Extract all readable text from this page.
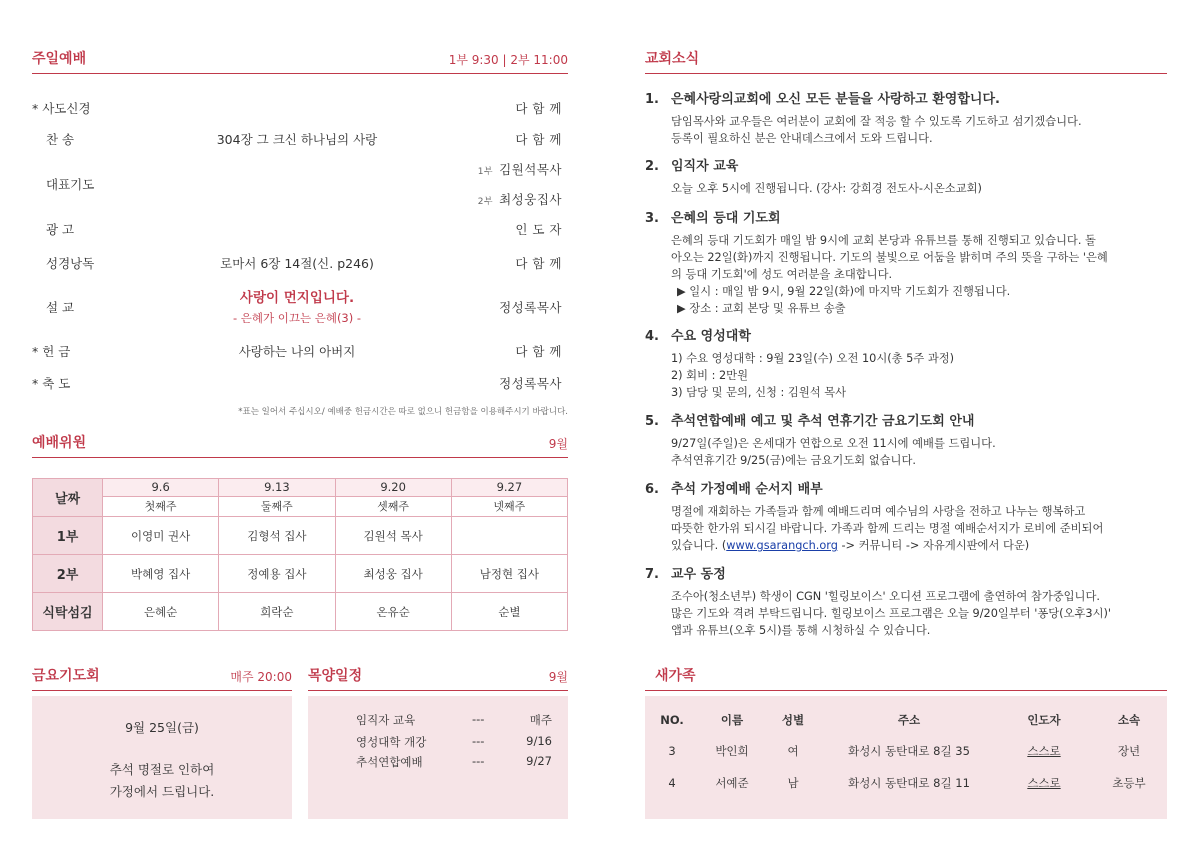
주일예배	1부 9:30 | 2부 11:00
* 사도신경	다 함 께
찬 송	304장 그 크신 하나님의 사랑	다 함 께
대표기도
1부 김원석목사
2부 최성웅집사
광 고	인 도 자
성경낭독	로마서 6장 14절(신. p246)	다 함 께
설 교	정성록목사
사랑이 먼지입니다.
- 은혜가 이끄는 은혜(3) -
* 헌 금	사랑하는 나의 아버지	다 함 께
* 축 도	정성록목사
*표는 일어서 주십시오/ 예배중 헌금시간은 따로 없으니 헌금함을 이용해주시기 바랍니다.
예배위원	9월
날짜	9.6	9.13	9.20	9.27
	첫째주	둘째주	셋째주	넷째주
1부	이영미 권사	김형석 집사	김원석 목사	
2부	박혜영 집사	정예용 집사	최성웅 집사	남정현 집사
식탁섬김	은혜순	희락순	온유순	순별
금요기도회	매주 20:00
9월 25일(금)
추석 명절로 인하여
가정에서 드립니다.
목양일정	9월
임직자 교육	---	매주
영성대학 개강	---	9/16
추석연합예배	---	9/27
교회소식
1. 은혜사랑의교회에 오신 모든 분들을 사랑하고 환영합니다.

담임목사와 교우들은 여러분이 교회에 잘 적응 할 수 있도록 기도하고 섬기겠습니다.

등록이 필요하신 분은 안내데스크에서 도와 드립니다.

2. 임직자 교육

오늘 오후 5시에 진행됩니다. (강사: 강희경 전도사-시온소교회)

3. 은혜의 등대 기도회

은혜의 등대 기도회가 매일 밤 9시에 교회 본당과 유튜브를 통해 진행되고 있습니다. 돌

아오는 22일(화)까지 진행됩니다. 기도의 불빛으로 어둠을 밝히며 주의 뜻을 구하는 '은혜

의 등대 기도회'에 성도 여러분을 초대합니다.

▶ 일시 : 매일 밤 9시, 9월 22일(화)에 마지막 기도회가 진행됩니다.

▶ 장소 : 교회 본당 및 유튜브 송출

4. 수요 영성대학

1) 수요 영성대학 : 9월 23일(수) 오전 10시(총 5주 과정)

2) 회비 : 2만원

3) 담당 및 문의, 신청 : 김원석 목사

5. 추석연합예배 예고 및 추석 연휴기간 금요기도회 안내

9/27일(주일)은 온세대가 연합으로 오전 11시에 예배를 드립니다.

추석연휴기간 9/25(금)에는 금요기도회 없습니다.

6. 추석 가정예배 순서지 배부

명절에 재회하는 가족들과 함께 예배드리며 예수님의 사랑을 전하고 나누는 행복하고

따뜻한 한가위 되시길 바랍니다. 가족과 함께 드리는 명절 예배순서지가 로비에 준비되어

있습니다. (www.gsarangch.org -> 커뮤니티 -> 자유게시판에서 다운)

7. 교우 동정

조수아(청소년부) 학생이 CGN '힐링보이스' 오디션 프로그램에 출연하여 참가중입니다.

많은 기도와 격려 부탁드립니다. 힐링보이스 프로그램은 오늘 9/20일부터 '퐁당(오후3시)'

앱과 유튜브(오후 5시)를 통해 시청하실 수 있습니다.

새가족
NO.	이름	성별	주소	인도자	소속
3	박인희	여	화성시 동탄대로 8길 35	스스로	장년
4	서예준	남	화성시 동탄대로 8길 11	스스로	초등부
